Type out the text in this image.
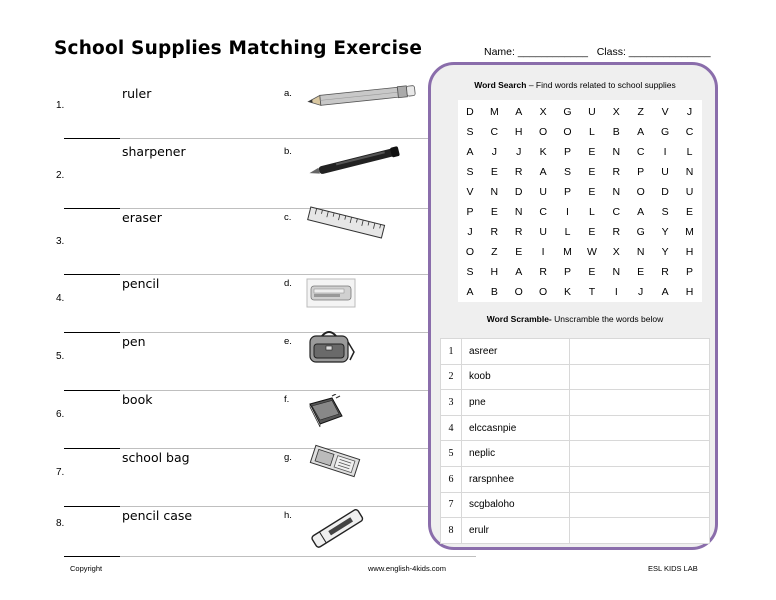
School Supplies Matching Exercise	Name: ____________ Class: ______________
1.
ruler	a.
2.
sharpener	b.
3.
eraser	c.
4.
pencil	d.
5.
pen	e.
6.
book	f.
7.
school bag	g.
8.
pencil case	h.
Word Search – Find words related to school supplies
D	M	A	X	G	U	X	Z	V	J
S	C	H	O	O	L	B	A	G	C
A	J	J	K	P	E	N	C	I	L
S	E	R	A	S	E	R	P	U	N
V	N	D	U	P	E	N	O	D	U
P	E	N	C	I	L	C	A	S	E
J	R	R	U	L	E	R	G	Y	M
O	Z	E	I	M	W	X	N	Y	H
S	H	A	R	P	E	N	E	R	P
A	B	O	O	K	T	I	J	A	H
Word Scramble- Unscramble the words below
1	asreer	
2	koob	
3	pne	
4	elccasnpie	
5	neplic	
6	rarspnhee	
7	scgbaloho	
8	erulr	
Copyright	www.english-4kids.com	ESL KIDS LAB
